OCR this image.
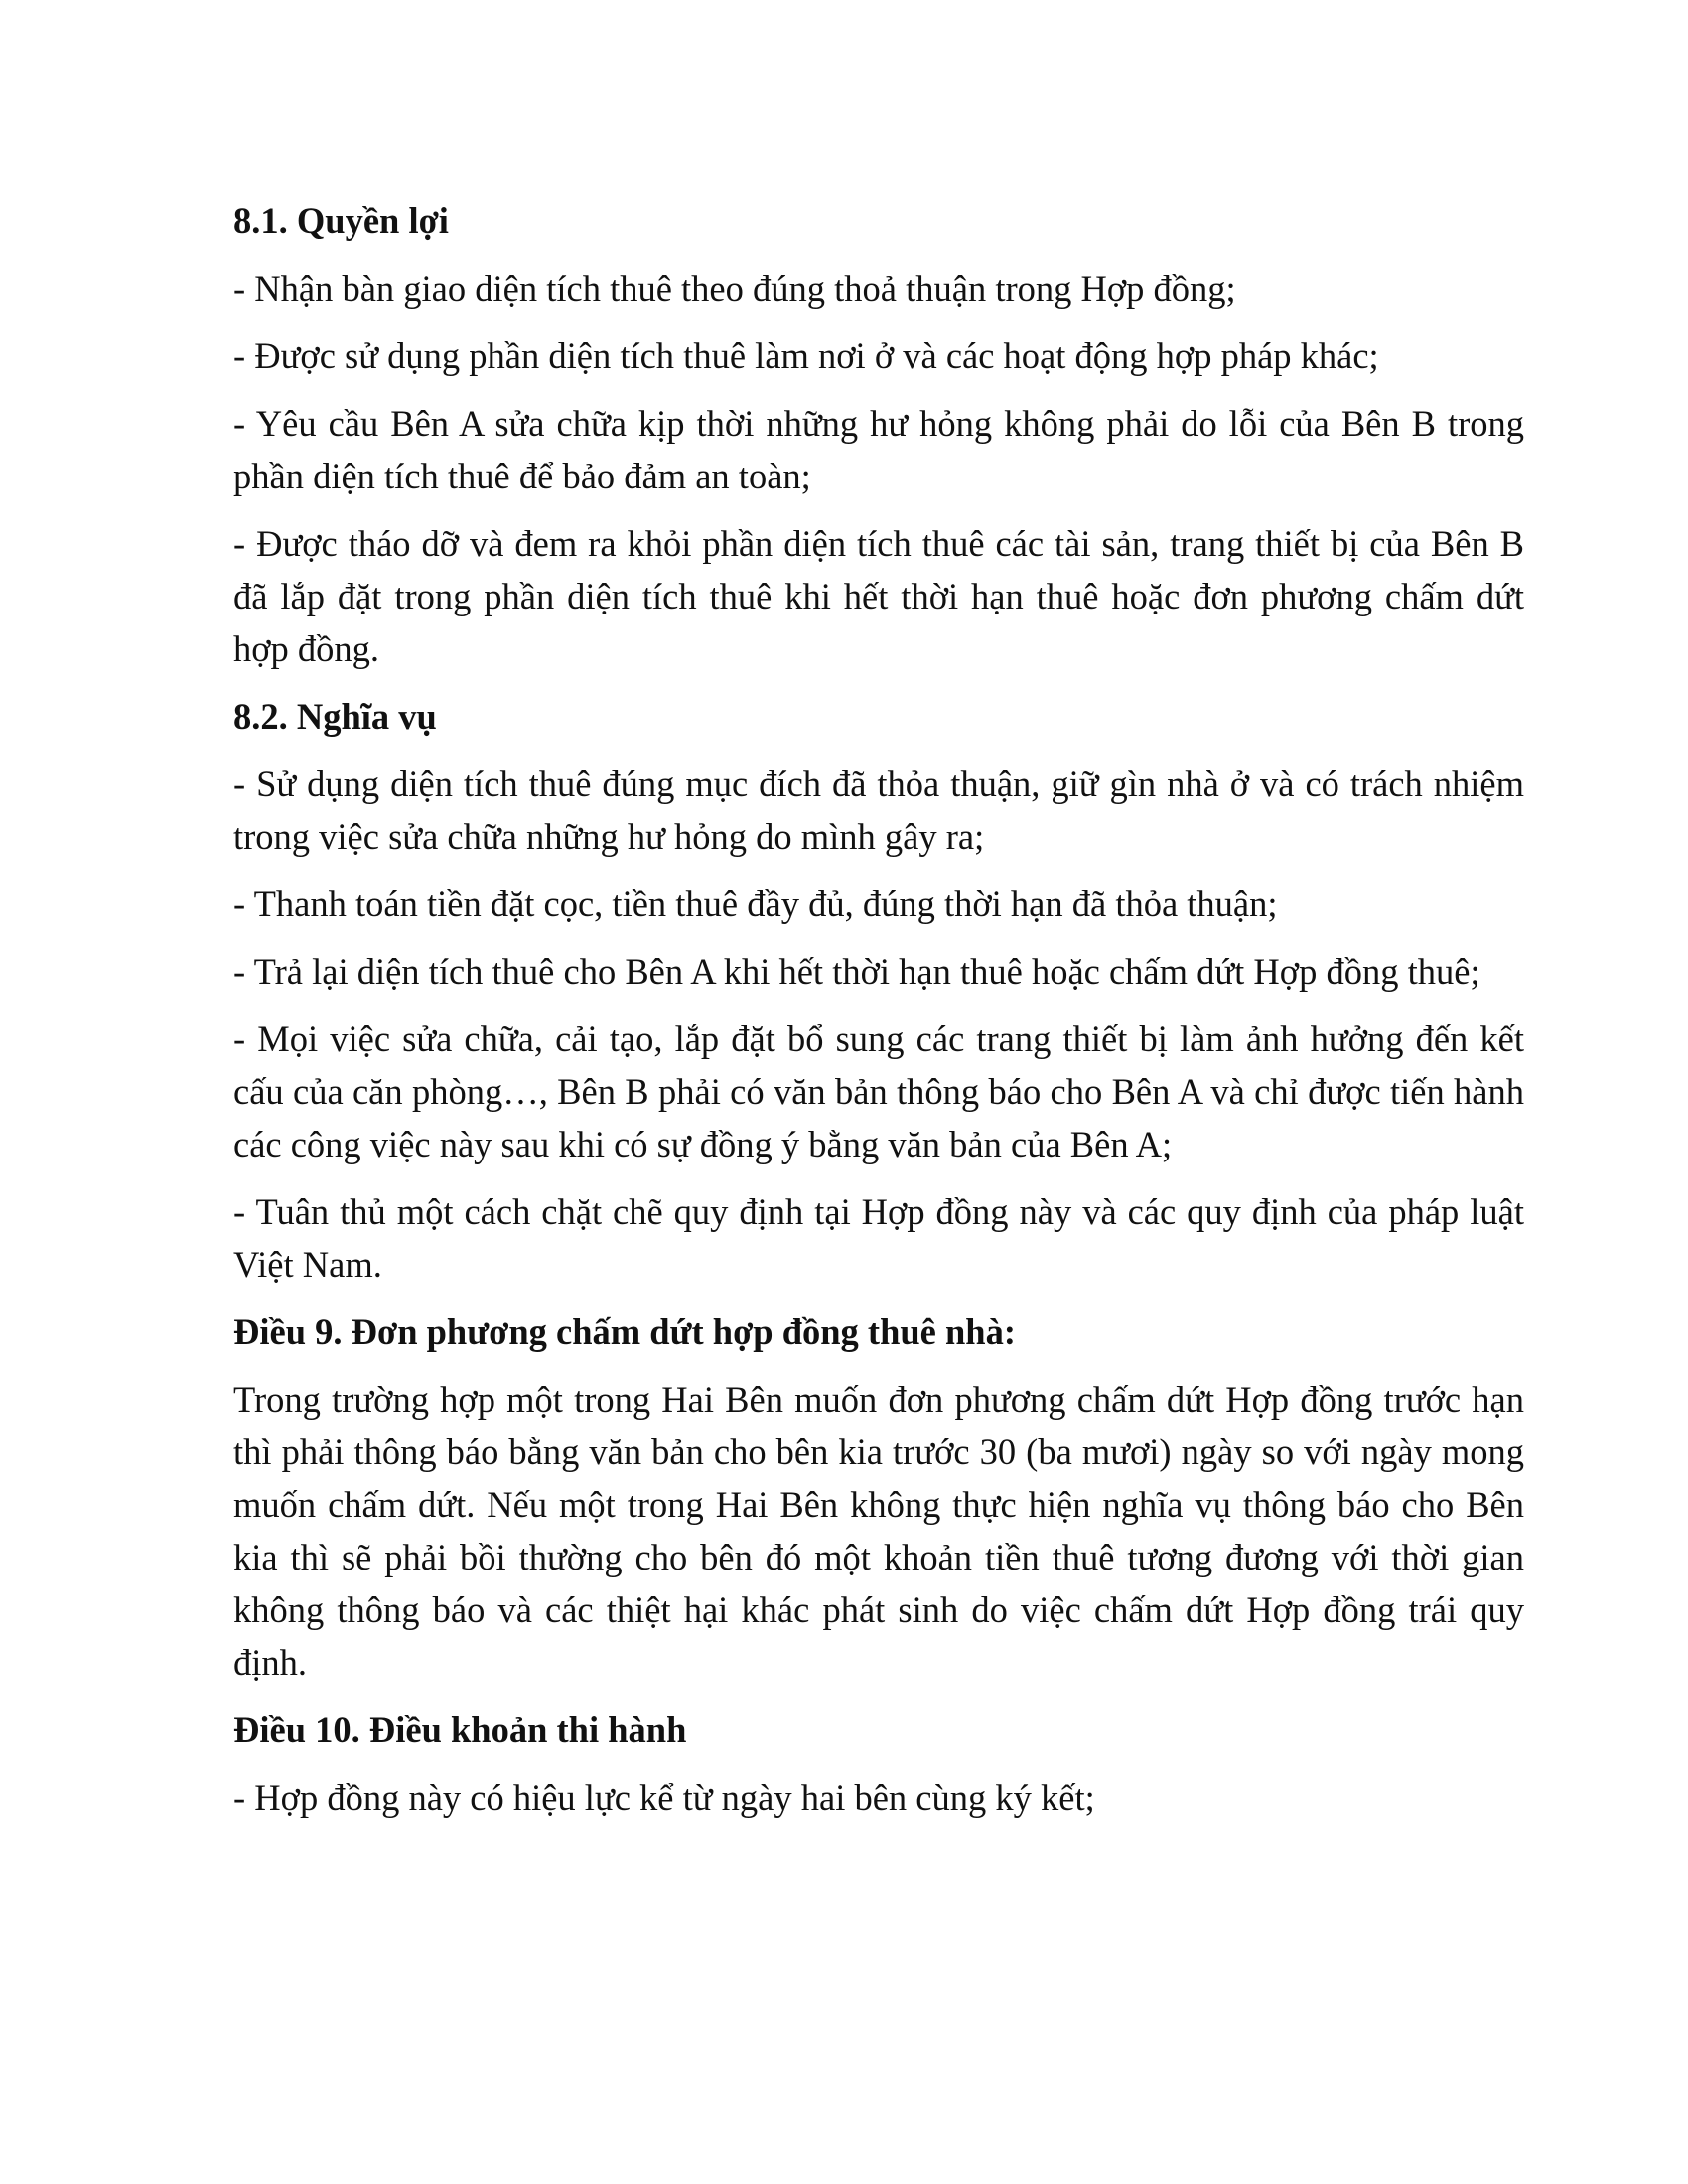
8.1. Quyền lợi
- Nhận bàn giao diện tích thuê theo đúng thoả thuận trong Hợp đồng;
- Được sử dụng phần diện tích thuê làm nơi ở và các hoạt động hợp pháp khác;
- Yêu cầu Bên A sửa chữa kịp thời những hư hỏng không phải do lỗi của Bên B trong phần diện tích thuê để bảo đảm an toàn;
- Được tháo dỡ và đem ra khỏi phần diện tích thuê các tài sản, trang thiết bị của Bên B đã lắp đặt trong phần diện tích thuê khi hết thời hạn thuê hoặc đơn phương chấm dứt hợp đồng.
8.2. Nghĩa vụ
- Sử dụng diện tích thuê đúng mục đích đã thỏa thuận, giữ gìn nhà ở và có trách nhiệm trong việc sửa chữa những hư hỏng do mình gây ra;
- Thanh toán tiền đặt cọc, tiền thuê đầy đủ, đúng thời hạn đã thỏa thuận;
- Trả lại diện tích thuê cho Bên A khi hết thời hạn thuê hoặc chấm dứt Hợp đồng thuê;
- Mọi việc sửa chữa, cải tạo, lắp đặt bổ sung các trang thiết bị làm ảnh hưởng đến kết cấu của căn phòng…, Bên B phải có văn bản thông báo cho Bên A và chỉ được tiến hành các công việc này sau khi có sự đồng ý bằng văn bản của Bên A;
- Tuân thủ một cách chặt chẽ quy định tại Hợp đồng này và các quy định của pháp luật Việt Nam.
Điều 9. Đơn phương chấm dứt hợp đồng thuê nhà:
Trong trường hợp một trong Hai Bên muốn đơn phương chấm dứt Hợp đồng trước hạn thì phải thông báo bằng văn bản cho bên kia trước 30 (ba mươi) ngày so với ngày mong muốn chấm dứt. Nếu một trong Hai Bên không thực hiện nghĩa vụ thông báo cho Bên kia thì sẽ phải bồi thường cho bên đó một khoản tiền thuê tương đương với thời gian không thông báo và các thiệt hại khác phát sinh do việc chấm dứt Hợp đồng trái quy định.
Điều 10. Điều khoản thi hành
- Hợp đồng này có hiệu lực kể từ ngày hai bên cùng ký kết;
